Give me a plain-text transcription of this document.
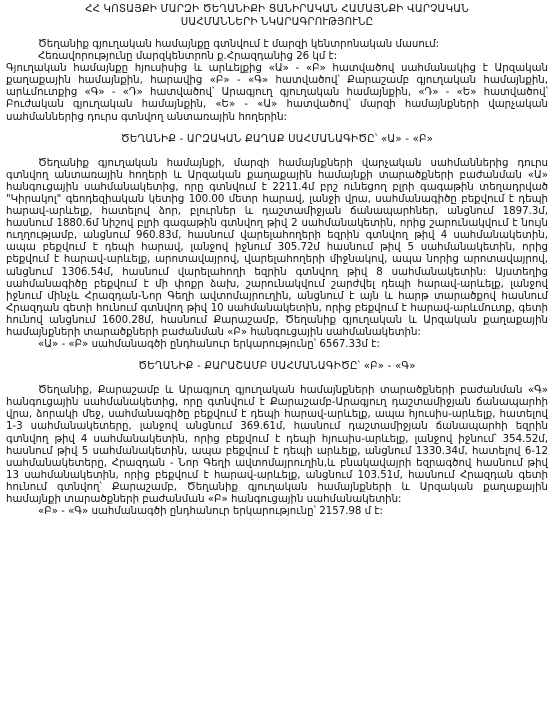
ՀՀ ԿՈՏԱՅՔԻ ՄԱՐԶԻ ԾԵՂԱՆԻՔԻ ՑԱՆԻՐԱԿԱՆ ՀԱՄԱՅՆՔԻ ՎԱՐՉԱԿԱՆ
ՍԱՀՄԱՆՆԵՐԻ ՆԿԱՐԱԳՐՈՒԹՅՈՒՆԸ

Ծեղանիք գյուղական համայնքը գտնվում է մարզի կենտրոնական մասում:

Հեռավորությունը մարզկենտրոն ք.Հրազդանից 26 կմ է:

Գյուղական համայնքը հյուսիսից և արևելքից «Ա» - «Բ» հատվածով սահմանակից է Արզական քաղաքային համայնքին, հարավից «Բ» - «Գ» հատվածով՝ Քարաշամբ գյուղական համայնքին, արևմուտքից «Գ» - «Դ» հատվածով՝ Արագյուղ գյուղական համայնքին, «Դ» - «Ե» հատվածով՝ Բուժական գյուղական համայնքին, «Ե» - «Ա» հատվածով՝ մարզի համայնքների վարչական սահմաններից դուրս գտնվող անտառային հողերին:

ԾԵՂԱՆԻՔ - ԱՐԶԱԿԱՆ ՔԱՂԱՔ ՍԱՀՄԱՆԱԳԻԾԸ՝ «Ա» - «Բ»

Ծեղանիք գյուղական համայնքի, մարզի համայնքների վարչական սահմաններից դուրս գտնվող անտառային հողերի և Արզական քաղաքային համայնքի տարածքների բաժանման «Ա» հանգուցային սահմանակետից, որը գտնվում է 2211.4մ բրշ ունեցող բլրի գագաթին տեղադրված "Կիրակոլ" գեոդեզիական կետից 100.00 մետր հարավ, լանջի վրա, սահմանագիծը բեքվում է դեպի հարավ-արևելք, հատելով ձոր, բլուրներ և դաշտամիջյան ճանապարհներ, անցնում 1897.3մ, հասնում 1880.6մ նիշով բլրի գագաթին գտնվող թիվ 2 սահմանակետին, որից շարունակվում է նույն ուղղությամբ, անցնում 960.83մ, հասնում վարելահողերի եզրին գտնվող թիվ 4 սահմանակետին, ապա բեքվում է դեպի հարավ, լանջով իջնում 305.72մ հասնում թիվ 5 սահմանակետին, որից բեքվում է հարավ-արևելք, արոտավայրով, վարելահողերի միջնակով, ապա նորից արոտավայրով, անցնում 1306.54մ, հասնում վարելահողի եզրին գտնվող թիվ 8 սահմանակետին: Այստեղից սահմանագիծը բեքվում է մի փոքր ձախ, շարունակվում շարժվել դեպի հարավ-արևելք, լանջով իջնում մինչև Հրազդան-Նոր Գեղի ավտոմայրուղին, անցնում է այն և հարթ տարածքով հասնում Հրազդան գետի հունում գտնվող թիվ 10 սահմանակետին, որից բեքվում է հարավ-արևմուտք, գետի հունով անցնում 1600.28մ, հասնում Քարաշամբ, Ծեղանիք գյուղական և Արզական քաղաքային համայնքների տարածքների բաժանման «Բ» հանգուցային սահմանակետին:

«Ա» - «Բ» սահմանագծի ընդհանուր երկարությունը՝ 6567.33մ է:

ԾԵՂԱՆԻՔ - ՔԱՐԱՇԱՄԲ ՍԱՀՄԱՆԱԳԻԾԸ՝ «Բ» - «Գ»

Ծեղանիք, Քարաշամբ և Արագյուղ գյուղական համայնքների տարածքների բաժանման «Գ» հանգուցային սահմանակետից, որը գտնվում է Քարաշամբ-Արագյուղ դաշտամիջյան ճանապարհի վրա, ձորակի մեջ, սահմանագիծը բեքվում է դեպի հարավ-արևելք, ապա հյուսիս-արևելք, հատելով 1-3 սահմանակետերը, լանջով անցնում 369.61մ, հասնում դաշտամիջյան ճանապարհի եզրին գտնվող թիվ 4 սահմանակետին, որից բեքվում է դեպի հյուսիս-արևելք, լանջով իջնում՝ 354.52մ, հասնում թիվ 5 սահմանակետին, ապա բեքվում է դեպի արևելք, անցնում 1330.34մ, հատելով 6-12 սահմանակետերը, Հրազդան - Նոր Գեղի ավտոմայրուղին,և բնակավայրի եզրագծով հասնում թիվ 13 սահմանակետին, որից բեքվում է հարավ-արևելք, անցնում 103.51մ, հասնում Հրազդան գետի հունում գտնվող՝ Քարաշամբ, Ծեղանիք գյուղական համայնքների և Արզական քաղաքային համայնքի տարածքների բաժանման «Բ» հանգուցային սահմանակետին:

«Բ» - «Գ» սահմանագծի ընդհանուր երկարությունը՝ 2157.98 մ է:
